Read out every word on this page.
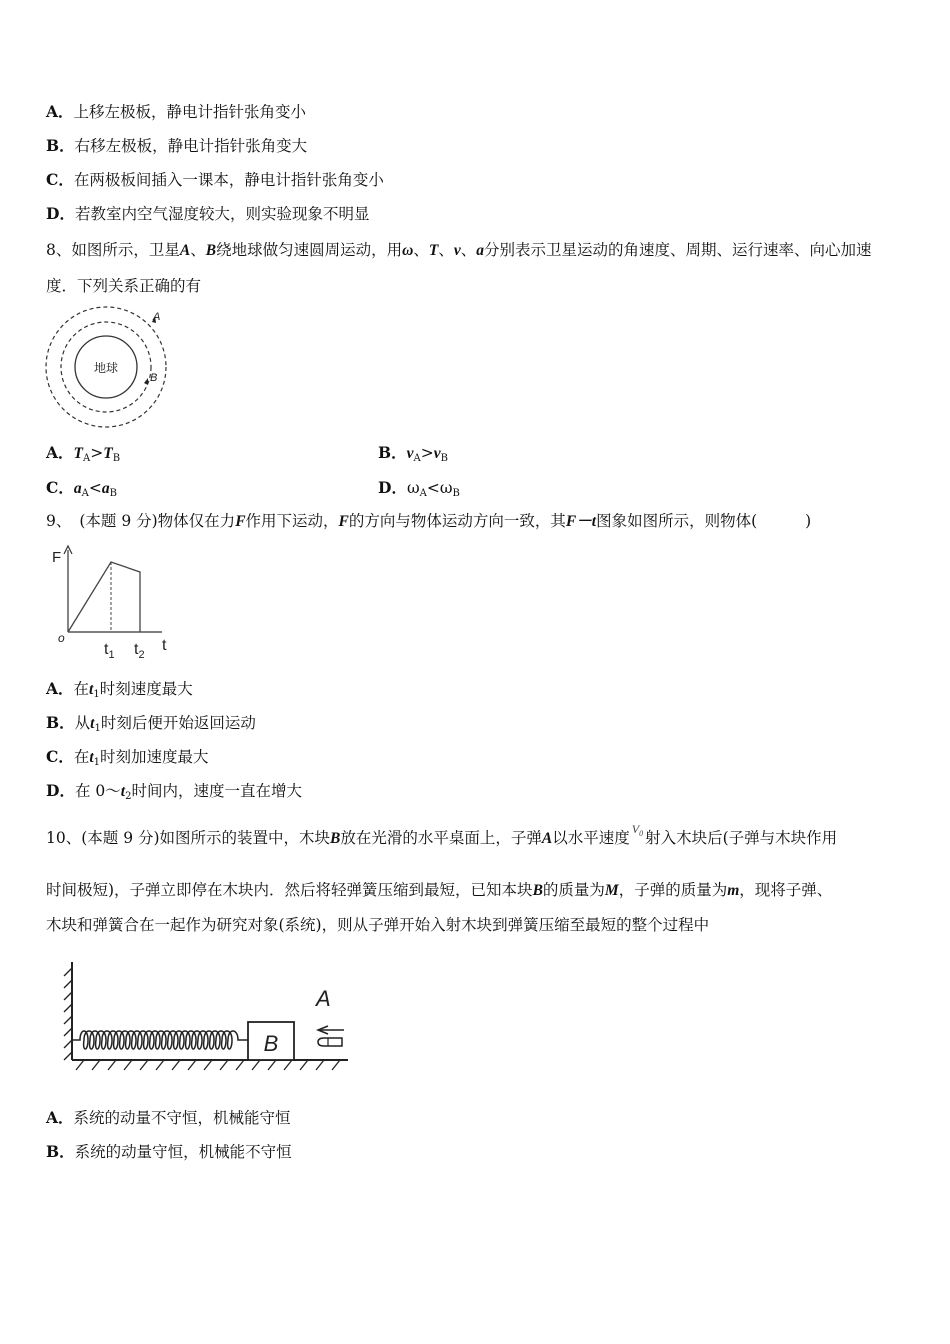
A．上移左极板，静电计指针张角变小
B．右移左极板，静电计指针张角变大
C．在两极板间插入一课本，静电计指针张角变小
D．若教室内空气湿度较大，则实验现象不明显
8、如图所示，卫星A、B绕地球做匀速圆周运动，用ω、T、v、a分别表示卫星运动的角速度、周期、运行速率、向心加速
度．下列关系正确的有
地球
A
B
A．$T_A>T_B$	B．$v_A>v_B$
C．$a_A<a_B$	D．$\omega_A<\omega_B$
9、 (本题 9 分)物体仅在力F作用下运动，F的方向与物体运动方向一致，其F－t图象如图所示，则物体(	)
F
t
o
$t_1$ $t_2$
A．在$t_1$时刻速度最大
B．从$t_1$时刻后便开始返回运动
C．在$t_1$时刻加速度最大
D．在 $0\sim t_2$时间内，速度一直在增大
10、(本题 9 分)如图所示的装置中，木块B放在光滑的水平桌面上，子弹A以水平速度 $^{V_0}$ 射入木块后(子弹与木块作用
时间极短)，子弹立即停在木块内．然后将轻弹簧压缩到最短，已知本块B的质量为M，子弹的质量为m，现将子弹、
木块和弹簧合在一起作为研究对象(系统)，则从子弹开始入射木块到弹簧压缩至最短的整个过程中
B
A
A．系统的动量不守恒，机械能守恒
B．系统的动量守恒，机械能不守恒
